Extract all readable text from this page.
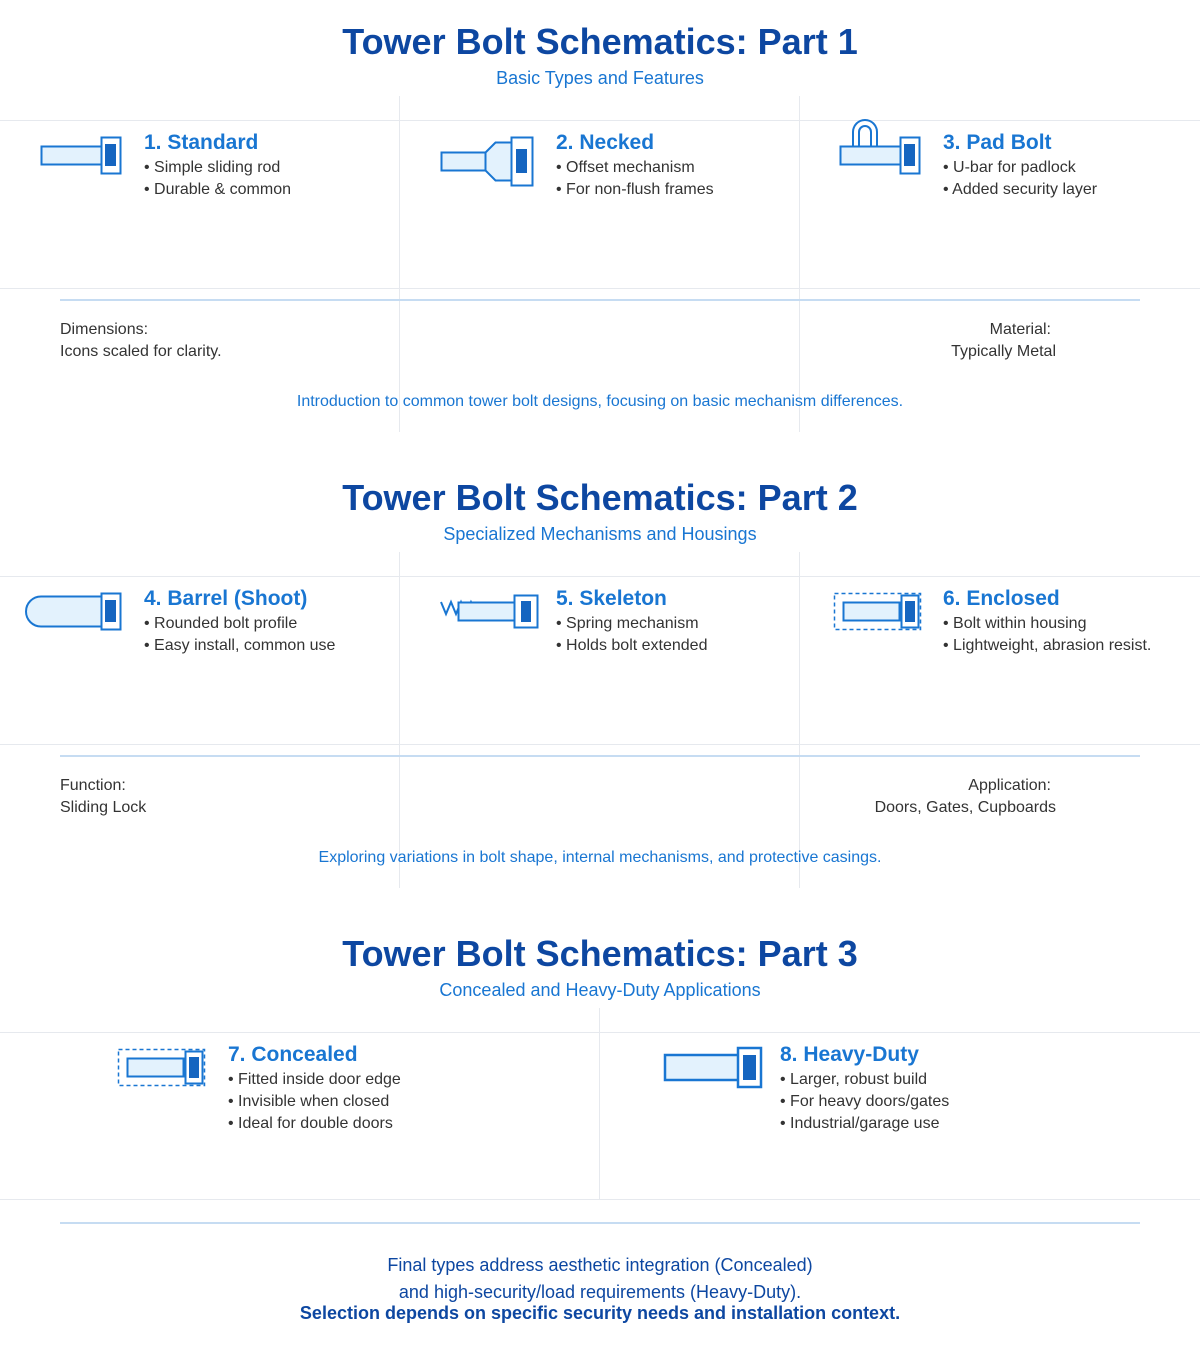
Tower Bolt Schematics: Part 1
Basic Types and Features
1. Standard
• Simple sliding rod
• Durable & common
2. Necked
• Offset mechanism
• For non-flush frames
3. Pad Bolt
• U-bar for padlock
• Added security layer
Dimensions:
Icons scaled for clarity.
Material:
Typically Metal
Introduction to common tower bolt designs, focusing on basic mechanism differences.
Tower Bolt Schematics: Part 2
Specialized Mechanisms and Housings
4. Barrel (Shoot)
• Rounded bolt profile
• Easy install, common use
5. Skeleton
• Spring mechanism
• Holds bolt extended
6. Enclosed
• Bolt within housing
• Lightweight, abrasion resist.
Function:
Sliding Lock
Application:
Doors, Gates, Cupboards
Exploring variations in bolt shape, internal mechanisms, and protective casings.
Tower Bolt Schematics: Part 3
Concealed and Heavy-Duty Applications
7. Concealed
• Fitted inside door edge
• Invisible when closed
• Ideal for double doors
8. Heavy-Duty
• Larger, robust build
• For heavy doors/gates
• Industrial/garage use
Final types address aesthetic integration (Concealed)
and high-security/load requirements (Heavy-Duty).
Selection depends on specific security needs and installation context.
